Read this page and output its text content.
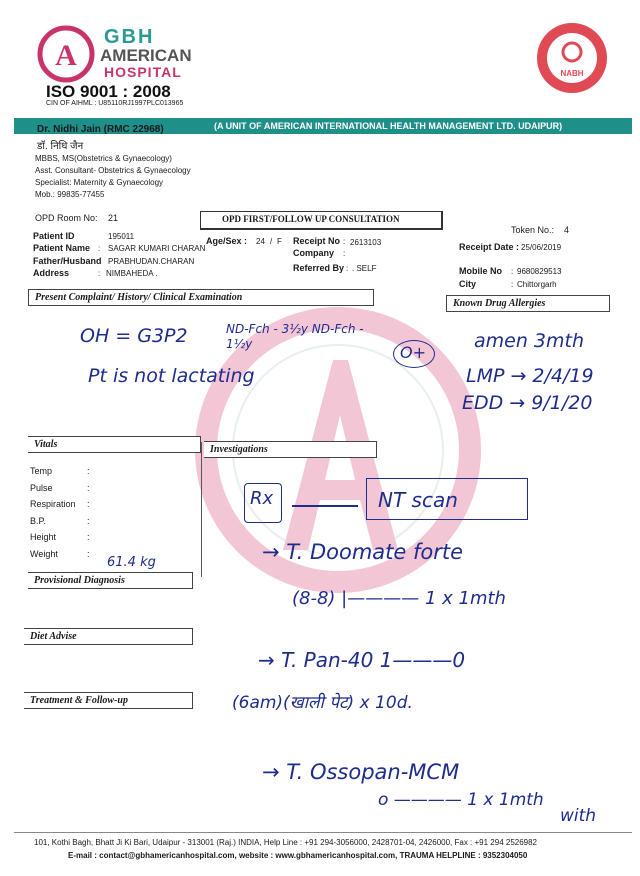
A
GBH
AMERICAN
HOSPITAL
ISO 9001 : 2008
CIN OF AIHML : U85110RJ1997PLC013965
NABH
(A UNIT OF AMERICAN INTERNATIONAL HEALTH MANAGEMENT LTD. UDAIPUR)
Dr. Nidhi Jain (RMC 22968)
डॉ. निधि जैन
MBBS, MS(Obstetrics & Gynaecology)
Asst. Consultant- Obstetrics & Gynaecology
Specialist: Maternity & Gynaecology
Mob.: 99835-77455
OPD Room No: 21	OPD FIRST/FOLLOW UP CONSULTATION
Token No.: 4
Patient ID	195011
Patient Name : SAGAR KUMARI CHARAN
Father/Husband PRABHUDAN.CHARAN
Address	: NIMBAHEDA .
Age/Sex : 24 / F Receipt No : 2613103
Company :
Referred By : . SELF
Receipt Date : 25/06/2019
Mobile No : 9680829513
City	: Chittorgarh
Present Complaint/ History/ Clinical Examination
Known Drug Allergies
OH = G3P2	ND-Fch - 3½y ND-Fch - 1½y	O+
Pt is not lactating
amen 3mth
LMP → 2/4/19
EDD → 9/1/20
Vitals	Investigations
Temp	:
Pulse	:
Respiration :
B.P.	:
Height	:
Weight	:
61.4 kg
Provisional Diagnosis
Diet Advise
Treatment & Follow-up
Rx	NT scan
→ T. Doomate forte
(8-8) |———— 1 x 1mth
→ T. Pan-40 1———0
(6am)(खाली पेट) x 10d.
→ T. Ossopan-MCM
o ———— 1 x 1mth
with
101, Kothi Bagh, Bhatt Ji Ki Bari, Udaipur - 313001 (Raj.) INDIA, Help Line : +91 294-3056000, 2428701-04, 2426000, Fax : +91 294 2526982
E-mail : contact@gbhamericanhospital.com, website : www.gbhamericanhospital.com, TRAUMA HELPLINE : 9352304050
